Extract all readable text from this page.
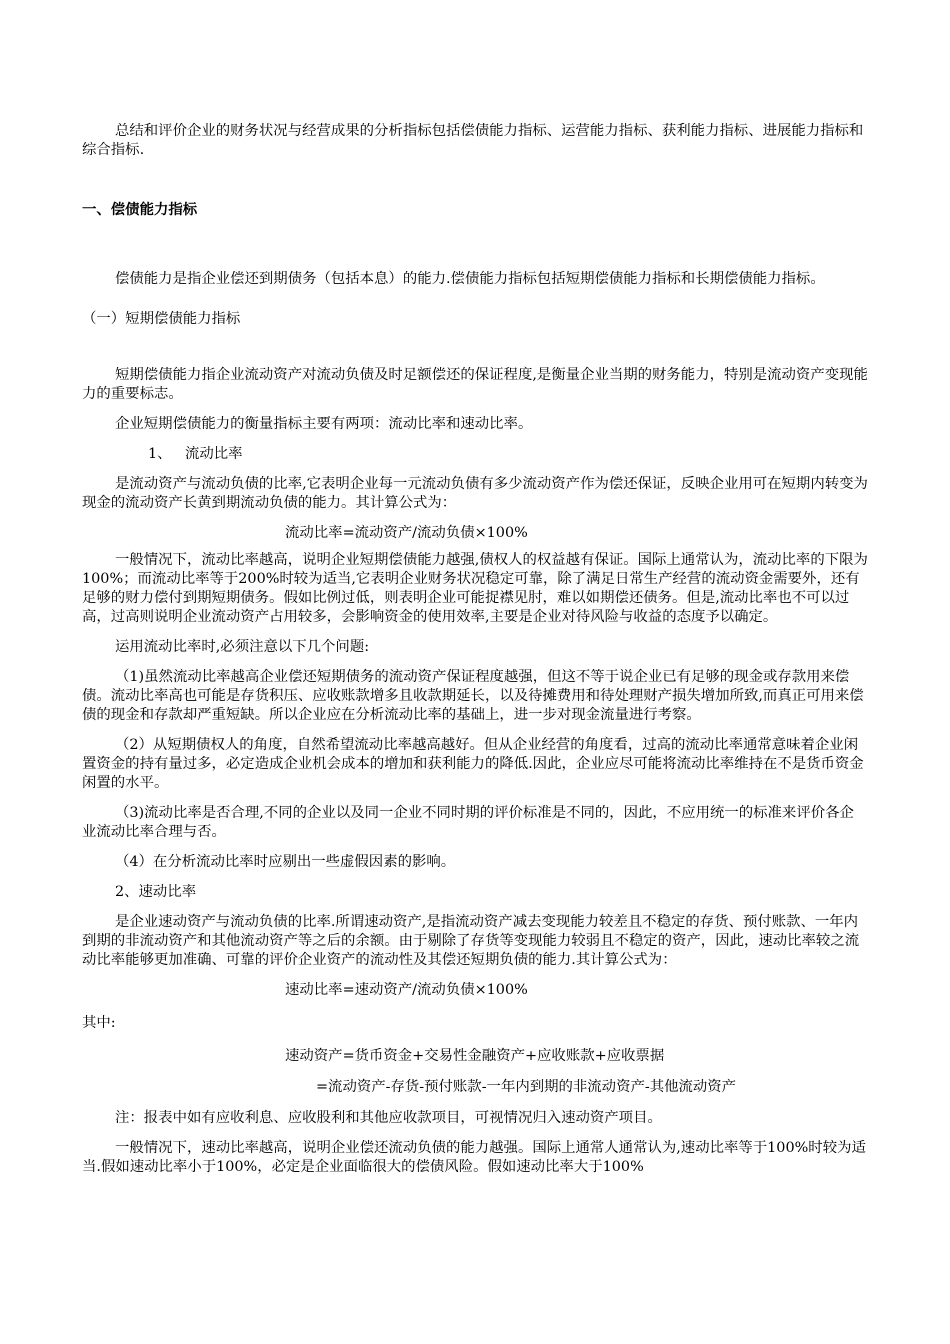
总结和评价企业的财务状况与经营成果的分析指标包括偿债能力指标、运营能力指标、获利能力指标、进展能力指标和综合指标.

一、偿债能力指标

偿债能力是指企业偿还到期债务（包括本息）的能力.偿债能力指标包括短期偿债能力指标和长期偿债能力指标。

（一）短期偿债能力指标

短期偿债能力指企业流动资产对流动负债及时足额偿还的保证程度,是衡量企业当期的财务能力，特别是流动资产变现能力的重要标志。

企业短期偿债能力的衡量指标主要有两项：流动比率和速动比率。

1、 流动比率

是流动资产与流动负债的比率,它表明企业每一元流动负债有多少流动资产作为偿还保证，反映企业用可在短期内转变为现金的流动资产长黄到期流动负债的能力。其计算公式为：

流动比率=流动资产/流动负债×100%

一般情况下，流动比率越高，说明企业短期偿债能力越强,债权人的权益越有保证。国际上通常认为，流动比率的下限为100%；而流动比率等于200%时较为适当,它表明企业财务状况稳定可靠，除了满足日常生产经营的流动资金需要外，还有足够的财力偿付到期短期债务。假如比例过低，则表明企业可能捉襟见肘，难以如期偿还债务。但是,流动比率也不可以过高，过高则说明企业流动资产占用较多，会影响资金的使用效率,主要是企业对待风险与收益的态度予以确定。

运用流动比率时,必须注意以下几个问题:

（1)虽然流动比率越高企业偿还短期债务的流动资产保证程度越强，但这不等于说企业已有足够的现金或存款用来偿债。流动比率高也可能是存货积压、应收账款增多且收款期延长，以及待摊费用和待处理财产损失增加所致,而真正可用来偿债的现金和存款却严重短缺。所以企业应在分析流动比率的基础上，进一步对现金流量进行考察。

（2）从短期债权人的角度，自然希望流动比率越高越好。但从企业经营的角度看，过高的流动比率通常意味着企业闲置资金的持有量过多，必定造成企业机会成本的增加和获利能力的降低.因此，企业应尽可能将流动比率维持在不是货币资金闲置的水平。

（3)流动比率是否合理,不同的企业以及同一企业不同时期的评价标准是不同的，因此，不应用统一的标准来评价各企业流动比率合理与否。

（4）在分析流动比率时应剔出一些虚假因素的影响。

2、速动比率

是企业速动资产与流动负债的比率.所谓速动资产,是指流动资产减去变现能力较差且不稳定的存货、预付账款、一年内到期的非流动资产和其他流动资产等之后的余额。由于剔除了存货等变现能力较弱且不稳定的资产，因此，速动比率较之流动比率能够更加准确、可靠的评价企业资产的流动性及其偿还短期负债的能力.其计算公式为：

速动比率=速动资产/流动负债×100%

其中:

速动资产=货币资金+交易性金融资产+应收账款+应收票据

=流动资产-存货-预付账款-一年内到期的非流动资产-其他流动资产

注：报表中如有应收利息、应收股利和其他应收款项目，可视情况归入速动资产项目。

一般情况下，速动比率越高，说明企业偿还流动负债的能力越强。国际上通常人通常认为,速动比率等于100%时较为适当.假如速动比率小于100%，必定是企业面临很大的偿债风险。假如速动比率大于100%
